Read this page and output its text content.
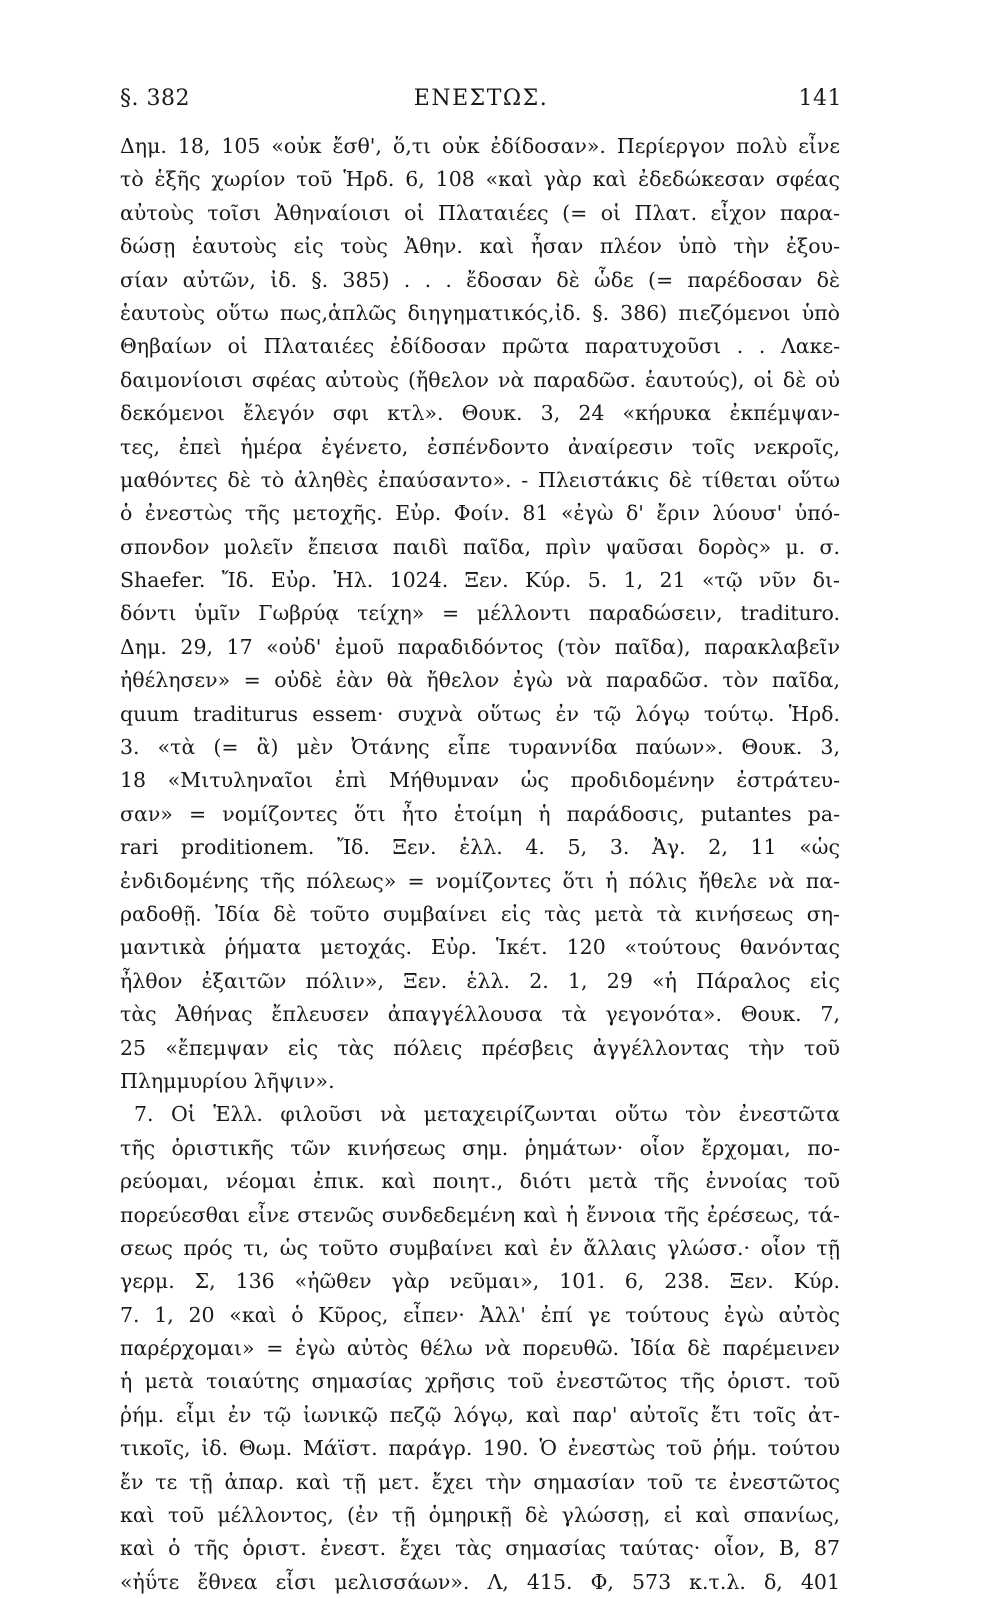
§. 382	ΕΝΕΣΤΩΣ.	141
Δημ. 18, 105 «οὐκ ἔσθ', ὅ,τι οὐκ ἐδίδοσαν». Περίεργον πολὺ εἶνε
τὸ ἑξῆς χωρίον τοῦ Ἡρδ. 6, 108 «καὶ γὰρ καὶ ἐδεδώκεσαν σφέας
αὐτοὺς τοῖσι Ἀθηναίοισι οἱ Πλαταιέες (= οἱ Πλατ. εἶχον παρα-
δώσῃ ἑαυτοὺς εἰς τοὺς Ἀθην. καὶ ἦσαν πλέον ὑπὸ τὴν ἐξου-
σίαν αὐτῶν, ἰδ. §. 385) . . . ἔδοσαν δὲ ὧδε (= παρέδοσαν δὲ
ἑαυτοὺς οὕτω πως,ἁπλῶς διηγηματικός,ἰδ. §. 386) πιεζόμενοι ὑπὸ
Θηβαίων οἱ Πλαταιέες ἐδίδοσαν πρῶτα παρατυχοῦσι . . Λακε-
δαιμονίοισι σφέας αὐτοὺς (ἤθελον νὰ παραδῶσ. ἑαυτούς), οἱ δὲ οὐ
δεκόμενοι ἔλεγόν σφι κτλ». Θουκ. 3, 24 «κήρυκα ἐκπέμψαν-
τες, ἐπεὶ ἡμέρα ἐγένετο, ἐσπένδοντο ἀναίρεσιν τοῖς νεκροῖς,
μαθόντες δὲ τὸ ἀληθὲς ἐπαύσαντο». - Πλειστάκις δὲ τίθεται οὕτω
ὁ ἐνεστὼς τῆς μετοχῆς. Εὐρ. Φοίν. 81 «ἐγὼ δ' ἔριν λύουσ' ὑπό-
σπονδον μολεῖν ἔπεισα παιδὶ παῖδα, πρὶν ψαῦσαι δορὸς» μ. σ.
Shaefer. Ἴδ. Εὐρ. Ἠλ. 1024. Ξεν. Κύρ. 5. 1, 21 «τῷ νῦν δι-
δόντι ὑμῖν Γωβρύᾳ τείχη» = μέλλοντι παραδώσειν, tradituro.
Δημ. 29, 17 «οὐδ' ἐμοῦ παραδιδόντος (τὸν παῖδα), παρακλαβεῖν
ἠθέλησεν» = οὐδὲ ἐὰν θὰ ἤθελον ἐγὼ νὰ παραδῶσ. τὸν παῖδα,
quum traditurus essem· συχνὰ οὕτως ἐν τῷ λόγῳ τούτῳ. Ἡρδ.
3. «τὰ (= ἃ) μὲν Ὀτάνης εἶπε τυραννίδα παύων». Θουκ. 3,
18 «Μιτυληναῖοι ἐπὶ Μήθυμναν ὡς προδιδομένην ἐστράτευ-
σαν» = νομίζοντες ὅτι ἦτο ἑτοίμη ἡ παράδοσις, putantes pa-
rari proditionem. Ἴδ. Ξεν. ἑλλ. 4. 5, 3. Ἀγ. 2, 11 «ὡς
ἐνδιδομένης τῆς πόλεως» = νομίζοντες ὅτι ἡ πόλις ἤθελε νὰ πα-
ραδοθῇ. Ἰδία δὲ τοῦτο συμβαίνει εἰς τὰς μετὰ τὰ κινήσεως ση-
μαντικὰ ῥήματα μετοχάς. Εὐρ. Ἱκέτ. 120 «τούτους θανόντας
ἦλθον ἐξαιτῶν πόλιν», Ξεν. ἑλλ. 2. 1, 29 «ἡ Πάραλος εἰς
τὰς Ἀθήνας ἔπλευσεν ἀπαγγέλλουσα τὰ γεγονότα». Θουκ. 7,
25 «ἔπεμψαν εἰς τὰς πόλεις πρέσβεις ἀγγέλλοντας τὴν τοῦ
Πλημμυρίου λῆψιν».
7. Οἱ Ἑλλ. φιλοῦσι νὰ μεταχειρίζωνται οὕτω τὸν ἐνεστῶτα
τῆς ὁριστικῆς τῶν κινήσεως σημ. ῥημάτων· οἷον ἔρχομαι, πο-
ρεύομαι, νέομαι ἐπικ. καὶ ποιητ., διότι μετὰ τῆς ἐννοίας τοῦ
πορεύεσθαι εἶνε στενῶς συνδεδεμένη καὶ ἡ ἔννοια τῆς ἐρέσεως, τά-
σεως πρός τι, ὡς τοῦτο συμβαίνει καὶ ἐν ἄλλαις γλώσσ.· οἷον τῇ
γερμ. Σ, 136 «ἠῶθεν γὰρ νεῦμαι», 101. 6, 238. Ξεν. Κύρ.
7. 1, 20 «καὶ ὁ Κῦρος, εἶπεν· Ἀλλ' ἐπί γε τούτους ἐγὼ αὐτὸς
παρέρχομαι» = ἐγὼ αὐτὸς θέλω νὰ πορευθῶ. Ἰδία δὲ παρέμεινεν
ἡ μετὰ τοιαύτης σημασίας χρῆσις τοῦ ἐνεστῶτος τῆς ὁριστ. τοῦ
ῥήμ. εἶμι ἐν τῷ ἰωνικῷ πεζῷ λόγῳ, καὶ παρ' αὐτοῖς ἔτι τοῖς ἀτ-
τικοῖς, ἰδ. Θωμ. Μάϊστ. παράγρ. 190. Ὁ ἐνεστὼς τοῦ ῥήμ. τούτου
ἔν τε τῇ ἀπαρ. καὶ τῇ μετ. ἔχει τὴν σημασίαν τοῦ τε ἐνεστῶτος
καὶ τοῦ μέλλοντος, (ἐν τῇ ὁμηρικῇ δὲ γλώσσῃ, εἰ καὶ σπανίως,
καὶ ὁ τῆς ὁριστ. ἐνεστ. ἔχει τὰς σημασίας ταύτας· οἷον, Β, 87
«ἠΰτε ἔθνεα εἶσι μελισσάων». Λ, 415. Φ, 573 κ.τ.λ. δ, 401
